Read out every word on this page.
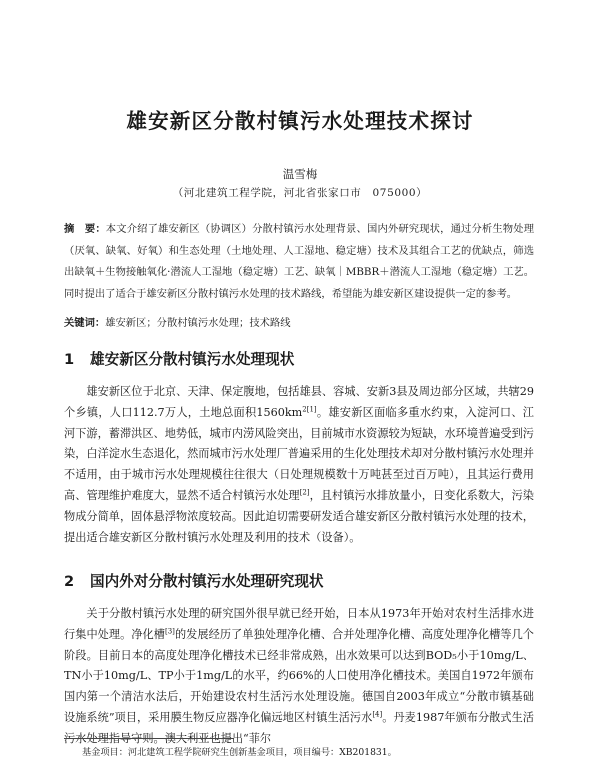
雄安新区分散村镇污水处理技术探讨
温雪梅
（河北建筑工程学院，河北省张家口市　075000）
摘　要：本文介绍了雄安新区（协调区）分散村镇污水处理背景、国内外研究现状，通过分析生物处理（厌氧、缺氧、好氧）和生态处理（土地处理、人工湿地、稳定塘）技术及其组合工艺的优缺点，筛选出缺氧＋生物接触氧化·潜流人工湿地（稳定塘）工艺、缺氧｜MBBR＋潜流人工湿地（稳定塘）工艺。同时提出了适合于雄安新区分散村镇污水处理的技术路线，希望能为雄安新区建设提供一定的参考。
关键词：雄安新区；分散村镇污水处理；技术路线
1 雄安新区分散村镇污水处理现状
雄安新区位于北京、天津、保定腹地，包括雄县、容城、安新3县及周边部分区域，共辖29个乡镇，人口112.7万人，土地总面积$1560km^{2[1]}$。雄安新区面临多重水约束，入淀河口、江河下游，蓄滞洪区、地势低，城市内涝风险突出，目前城市水资源较为短缺，水环境普遍受到污染，白洋淀水生态退化，然而城市污水处理厂普遍采用的生化处理技术却对分散村镇污水处理并不适用，由于城市污水处理规模往往很大（日处理规模数十万吨甚至过百万吨），且其运行费用高、管理维护难度大，显然不适合村镇污水处理[2]，且村镇污水排放量小，日变化系数大，污染物成分简单，固体悬浮物浓度较高。因此迫切需要研发适合雄安新区分散村镇污水处理的技术，提出适合雄安新区分散村镇污水处理及利用的技术（设备）。
2 国内外对分散村镇污水处理研究现状
关于分散村镇污水处理的研究国外很早就已经开始，日本从1973年开始对农村生活排水进行集中处理。净化槽[3]的发展经历了单独处理净化槽、合并处理净化槽、高度处理净化槽等几个阶段。目前日本的高度处理净化槽技术已经非常成熟，出水效果可以达到BOD₅小于10mg/L、TN小于10mg/L、TP小于1mg/L的水平，约66%的人口使用净化槽技术。美国自1972年颁布国内第一个清洁水法后，开始建设农村生活污水处理设施。德国自2003年成立“分散市镇基础设施系统”项目，采用膜生物反应器净化偏远地区村镇生活污水[4]。丹麦1987年颁布分散式生活污水处理指导守则。澳大利亚也提出“菲尔
基金项目：河北建筑工程学院研究生创新基金项目，项目编号：XB201831。
